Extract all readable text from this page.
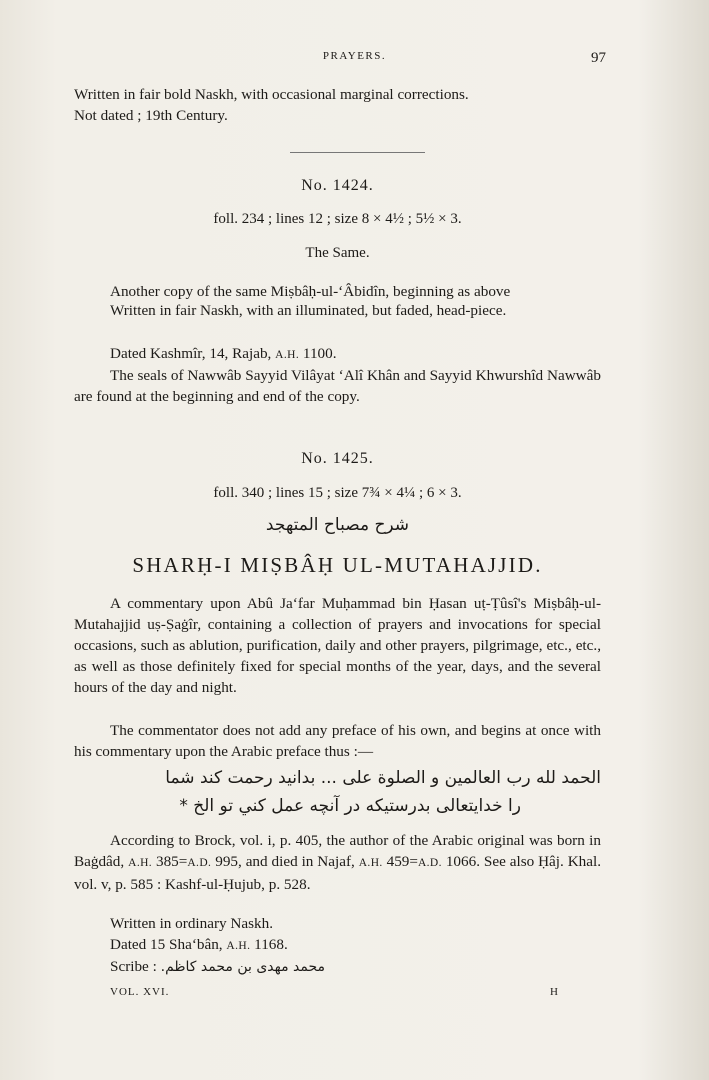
PRAYERS.	97
Written in fair bold Naskh, with occasional marginal corrections.
Not dated ; 19th Century.
No. 1424.
foll. 234 ; lines 12 ; size 8 × 4½ ; 5½ × 3.
The Same.
Another copy of the same Miṣbâḥ-ul-‘Âbidîn, beginning as above
Written in fair Naskh, with an illuminated, but faded, head-piece.
Dated Kashmîr, 14, Rajab, A.H. 1100.
The seals of Nawwâb Sayyid Vilâyat ‘Alî Khân and Sayyid Khwurshîd Nawwâb are found at the beginning and end of the copy.
No. 1425.
foll. 340 ; lines 15 ; size 7¾ × 4¼ ; 6 × 3.
شرح مصباح المتهجد
SHARḤ-I MIṢBÂḤ UL-MUTAHAJJID.
A commentary upon Abû Ja‘far Muḥammad bin Ḥasan uṭ-Ṭûsî's Miṣbâḥ-ul-Mutahajjid uṣ-Ṣaġîr, containing a collection of prayers and invocations for special occasions, such as ablution, purification, daily and other prayers, pilgrimage, etc., etc., as well as those definitely fixed for special months of the year, days, and the several hours of the day and night.
The commentator does not add any preface of his own, and begins at once with his commentary upon the Arabic preface thus :—
الحمد لله رب العالمين و الصلوة على ... بدانيد رحمت كند شما
را خدايتعالى بدرستيكه در آنچه عمل كني تو الخ *
According to Brock, vol. i, p. 405, the author of the Arabic original was born in Baġdâd, A.H. 385=A.D. 995, and died in Najaf, A.H. 459=A.D. 1066. See also Ḥâj. Khal. vol. v, p. 585 : Kashf-ul-Ḥujub, p. 528.
Written in ordinary Naskh.
Dated 15 Sha‘bân, A.H. 1168.
Scribe : محمد مهدى بن محمد كاظم.
VOL. XVI.	H
